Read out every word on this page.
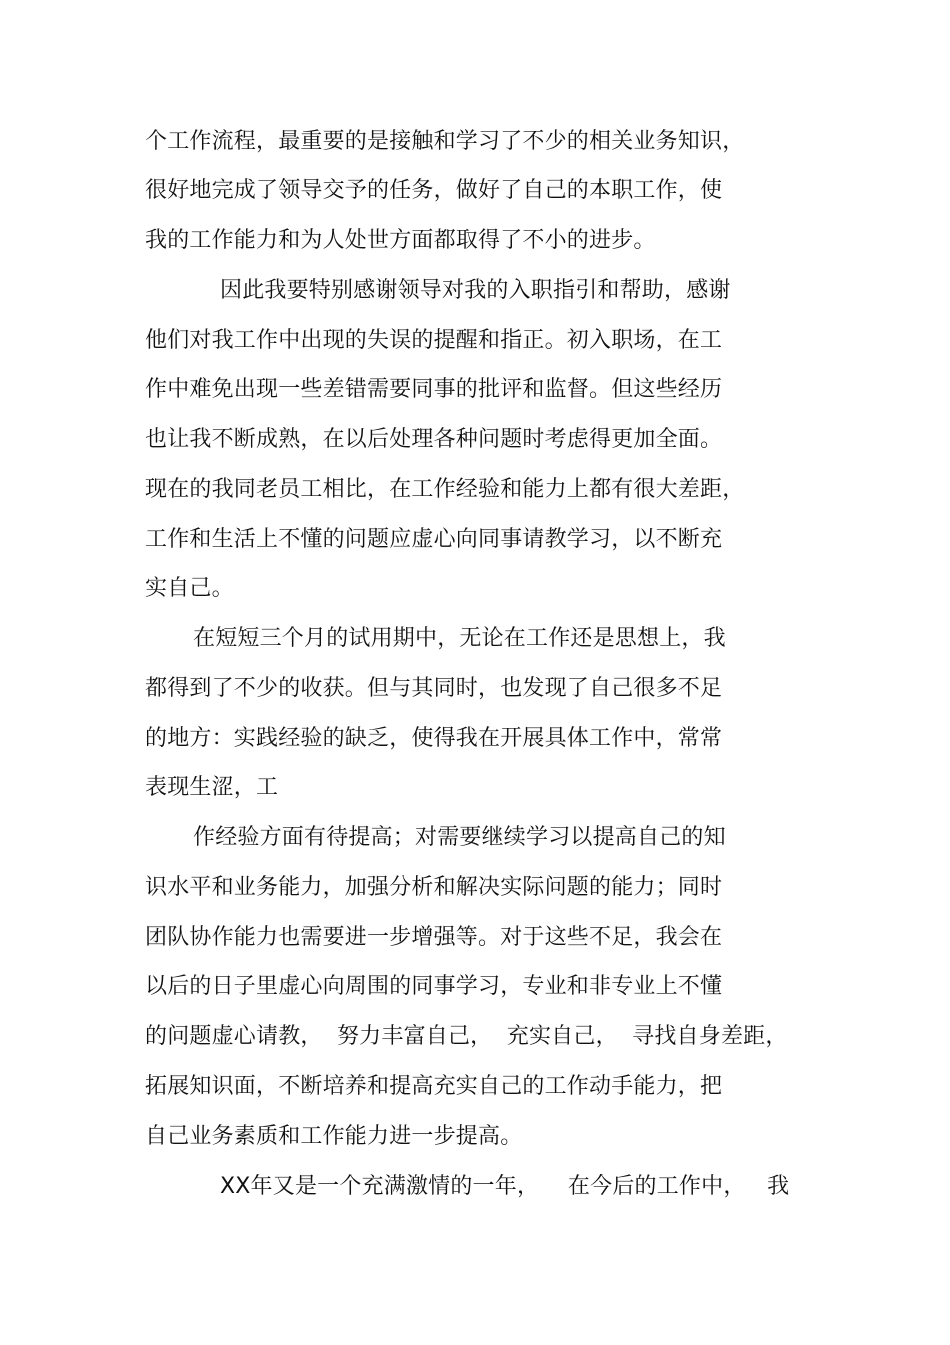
个工作流程，最重要的是接触和学习了不少的相关业务知识，
很好地完成了领导交予的任务，做好了自己的本职工作，使
我的工作能力和为人处世方面都取得了不小的进步。
因此我要特别感谢领导对我的入职指引和帮助，感谢
他们对我工作中出现的失误的提醒和指正。初入职场，在工
作中难免出现一些差错需要同事的批评和监督。但这些经历
也让我不断成熟，在以后处理各种问题时考虑得更加全面。
现在的我同老员工相比，在工作经验和能力上都有很大差距，
工作和生活上不懂的问题应虚心向同事请教学习，以不断充
实自己。
在短短三个月的试用期中，无论在工作还是思想上，我
都得到了不少的收获。但与其同时，也发现了自己很多不足
的地方：实践经验的缺乏，使得我在开展具体工作中，常常
表现生涩，工
作经验方面有待提高；对需要继续学习以提高自己的知
识水平和业务能力，加强分析和解决实际问题的能力；同时
团队协作能力也需要进一步增强等。对于这些不足，我会在
以后的日子里虚心向周围的同事学习，专业和非专业上不懂
的问题虚心请教，  努力丰富自己，  充实自己，  寻找自身差距，
拓展知识面，不断培养和提高充实自己的工作动手能力，把
自己业务素质和工作能力进一步提高。
XX年又是一个充满激情的一年，    在今后的工作中，   我
